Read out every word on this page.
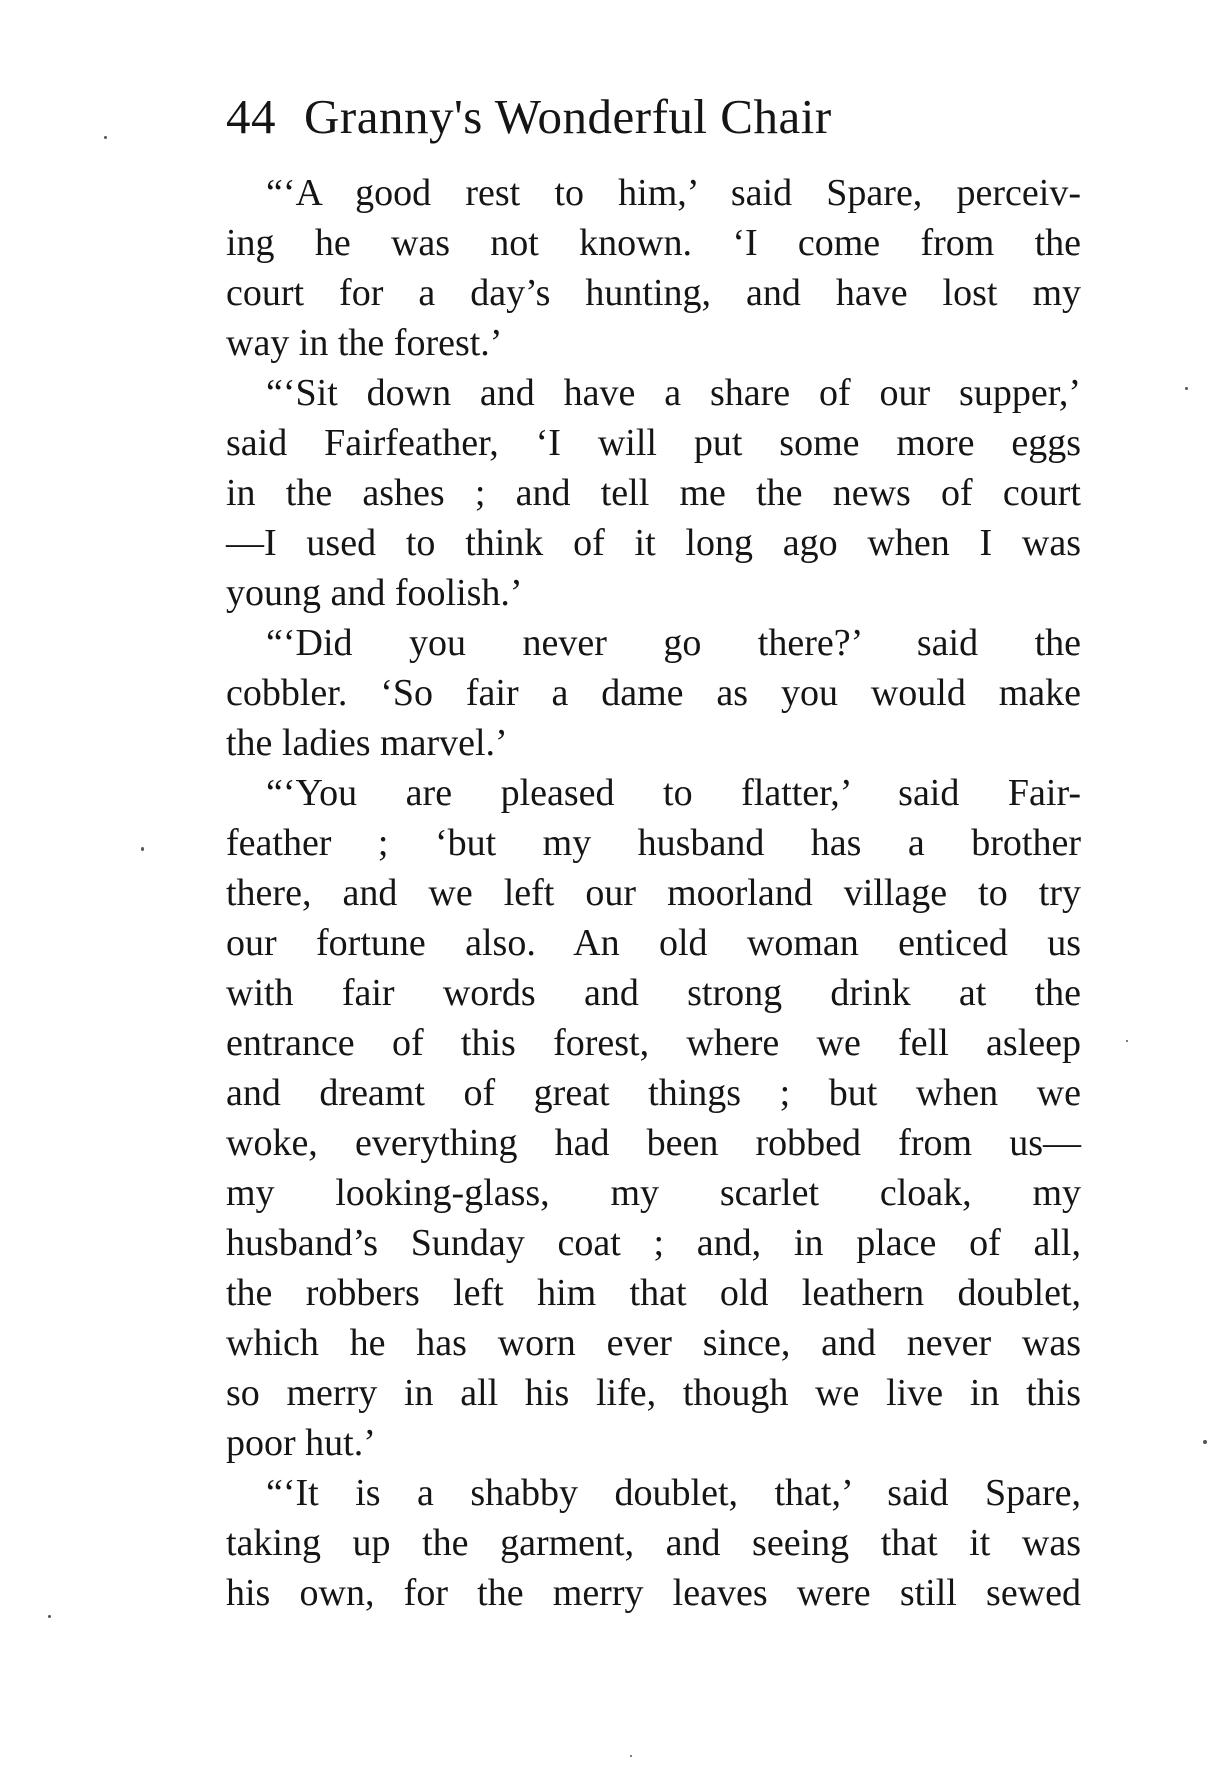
44 Granny's Wonderful Chair
“‘A good rest to him,’ said Spare, perceiv-
ing he was not known. ‘I come from the
court for a day’s hunting, and have lost my
way in the forest.’
“‘Sit down and have a share of our supper,’
said Fairfeather, ‘I will put some more eggs
in the ashes ; and tell me the news of court
—I used to think of it long ago when I was
young and foolish.’
“‘Did you never go there?’ said the
cobbler. ‘So fair a dame as you would make
the ladies marvel.’
“‘You are pleased to flatter,’ said Fair-
feather ; ‘but my husband has a brother
there, and we left our moorland village to try
our fortune also. An old woman enticed us
with fair words and strong drink at the
entrance of this forest, where we fell asleep
and dreamt of great things ; but when we
woke, everything had been robbed from us—
my looking-glass, my scarlet cloak, my
husband’s Sunday coat ; and, in place of all,
the robbers left him that old leathern doublet,
which he has worn ever since, and never was
so merry in all his life, though we live in this
poor hut.’
“‘It is a shabby doublet, that,’ said Spare,
taking up the garment, and seeing that it was
his own, for the merry leaves were still sewed
